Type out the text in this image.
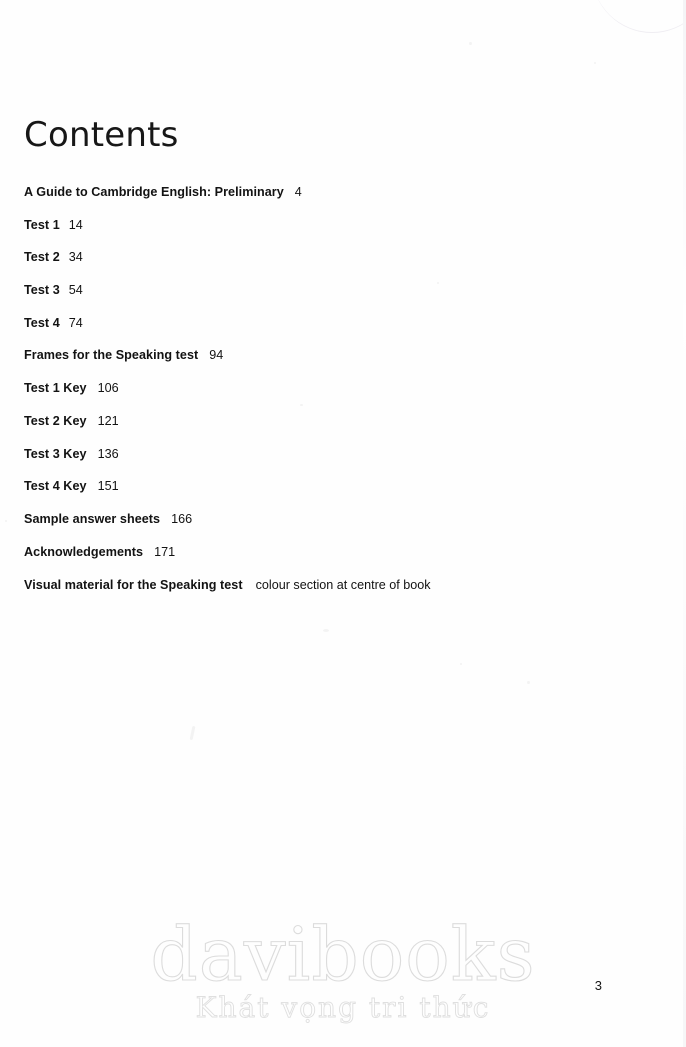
Contents
A Guide to Cambridge English: Preliminary 4
Test 1 14
Test 2 34
Test 3 54
Test 4 74
Frames for the Speaking test 94
Test 1 Key 106
Test 2 Key 121
Test 3 Key 136
Test 4 Key 151
Sample answer sheets 166
Acknowledgements 171
Visual material for the Speaking test colour section at centre of book
davibooks
Khát vọng tri thức
3
